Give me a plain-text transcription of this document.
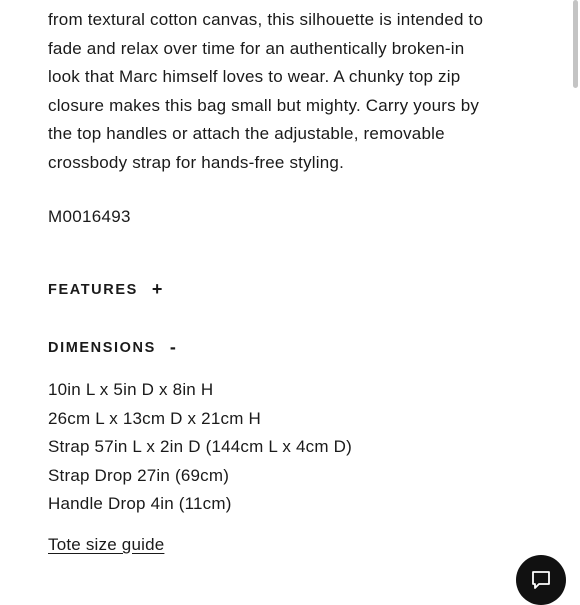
from textural cotton canvas, this silhouette is intended to
fade and relax over time for an authentically broken-in
look that Marc himself loves to wear. A chunky top zip
closure makes this bag small but mighty. Carry yours by
the top handles or attach the adjustable, removable
crossbody strap for hands-free styling.
M0016493
FEATURES +
DIMENSIONS -
10in L x 5in D x 8in H
26cm L x 13cm D x 21cm H
Strap 57in L x 2in D (144cm L x 4cm D)
Strap Drop 27in (69cm)
Handle Drop 4in (11cm)
Tote size guide
